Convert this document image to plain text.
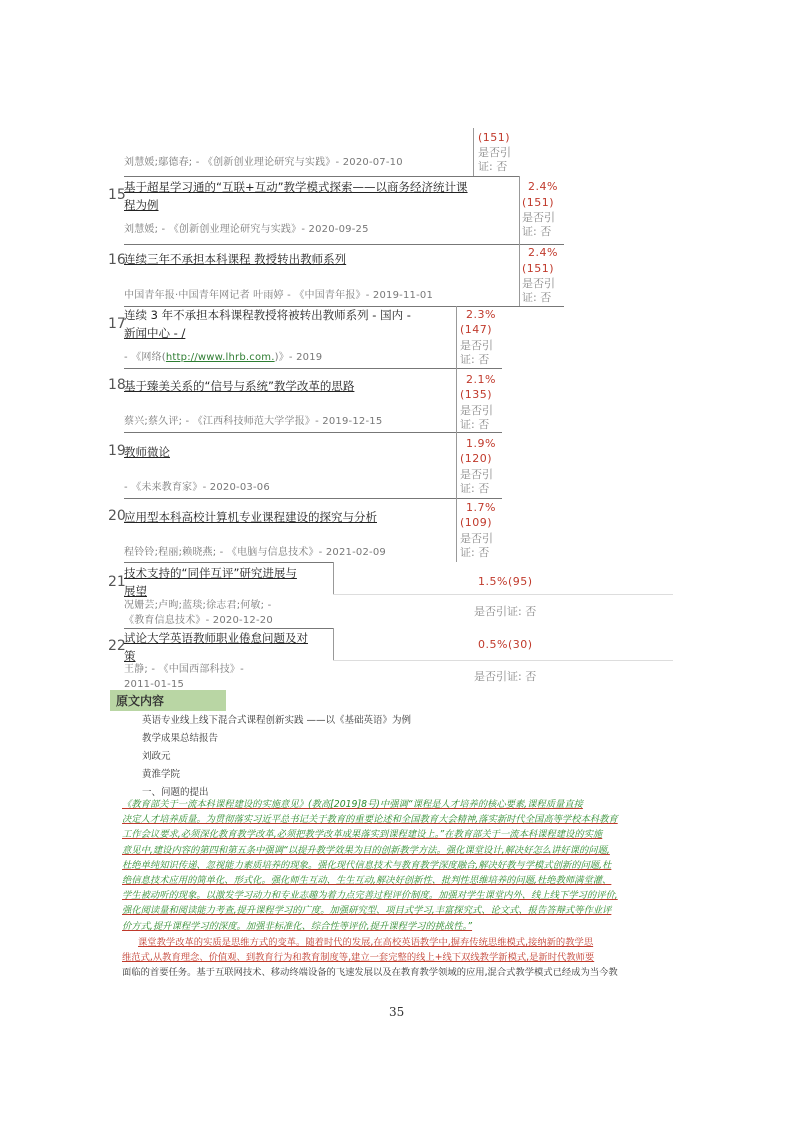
刘慧媛;鄢德春; - 《创新创业理论研究与实践》- 2020-07-10
(151)
是否引
证: 否
15
基于超星学习通的“互联+互动”教学模式探索——以商务经济统计课
程为例
刘慧媛; - 《创新创业理论研究与实践》- 2020-09-25
2.4%
(151)
是否引
证: 否
16
连续三年不承担本科课程 教授转出教师系列
中国青年报·中国青年网记者 叶雨婷 - 《中国青年报》- 2019-11-01
2.4%
(151)
是否引
证: 否
17
连续 3 年不承担本科课程教授将被转出教师系列 - 国内 -
新闻中心 - /
- 《网络(http://www.lhrb.com.)》- 2019
2.3%
(147)
是否引
证: 否
18
基于臻美关系的“信号与系统”教学改革的思路
蔡兴;蔡久评; - 《江西科技师范大学学报》- 2019-12-15
2.1%
(135)
是否引
证: 否
19
教师微论
- 《未来教育家》- 2020-03-06
1.9%
(120)
是否引
证: 否
20
应用型本科高校计算机专业课程建设的探究与分析
程铃铃;程丽;赖晓燕; - 《电脑与信息技术》- 2021-02-09
1.7%
(109)
是否引
证: 否
21
技术支持的“同伴互评”研究进展与
展望
况姗芸;卢昫;蓝琰;徐志君;何敏; -
《教育信息技术》- 2020-12-20
1.5%(95)
是否引证: 否
22
试论大学英语教师职业倦怠问题及对
策
王静; - 《中国西部科技》-
2011-01-15
0.5%(30)
是否引证: 否
原文内容
英语专业线上线下混合式课程创新实践 ——以《基础英语》为例
教学成果总结报告
刘政元
黄淮学院
一、问题的提出
《教育部关于一流本科课程建设的实施意见》(教高[2019]8号)中强调“课程是人才培养的核心要素,课程质量直接
决定人才培养质量。为贯彻落实习近平总书记关于教育的重要论述和全国教育大会精神,落实新时代全国高等学校本科教育
工作会议要求,必须深化教育教学改革,必须把教学改革成果落实到课程建设上。”在教育部关于一流本科课程建设的实施
意见中,建设内容的第四和第五条中强调“以提升教学效果为目的创新教学方法。强化课堂设计,解决好怎么讲好课的问题,
杜绝单纯知识传递、忽视能力素质培养的现象。强化现代信息技术与教育教学深度融合,解决好教与学模式创新的问题,杜
绝信息技术应用的简单化、形式化。强化师生互动、生生互动,解决好创新性、批判性思维培养的问题,杜绝教师满堂灌、
学生被动听的现象。以激发学习动力和专业志趣为着力点完善过程评价制度。加强对学生课堂内外、线上线下学习的评价,
强化阅读量和阅读能力考查,提升课程学习的广度。加强研究型、项目式学习,丰富探究式、论文式、报告答辩式等作业评
价方式,提升课程学习的深度。加强非标准化、综合性等评价,提升课程学习的挑战性。”
课堂教学改革的实质是思维方式的变革。随着时代的发展,在高校英语教学中,摒弃传统思维模式,接纳新的教学思
维范式,从教育理念、价值观、到教育行为和教育制度等,建立一套完整的线上+线下双线教学新模式,是新时代教师要
面临的首要任务。基于互联网技术、移动终端设备的飞速发展以及在教育教学领域的应用,混合式教学模式已经成为当今教
35
